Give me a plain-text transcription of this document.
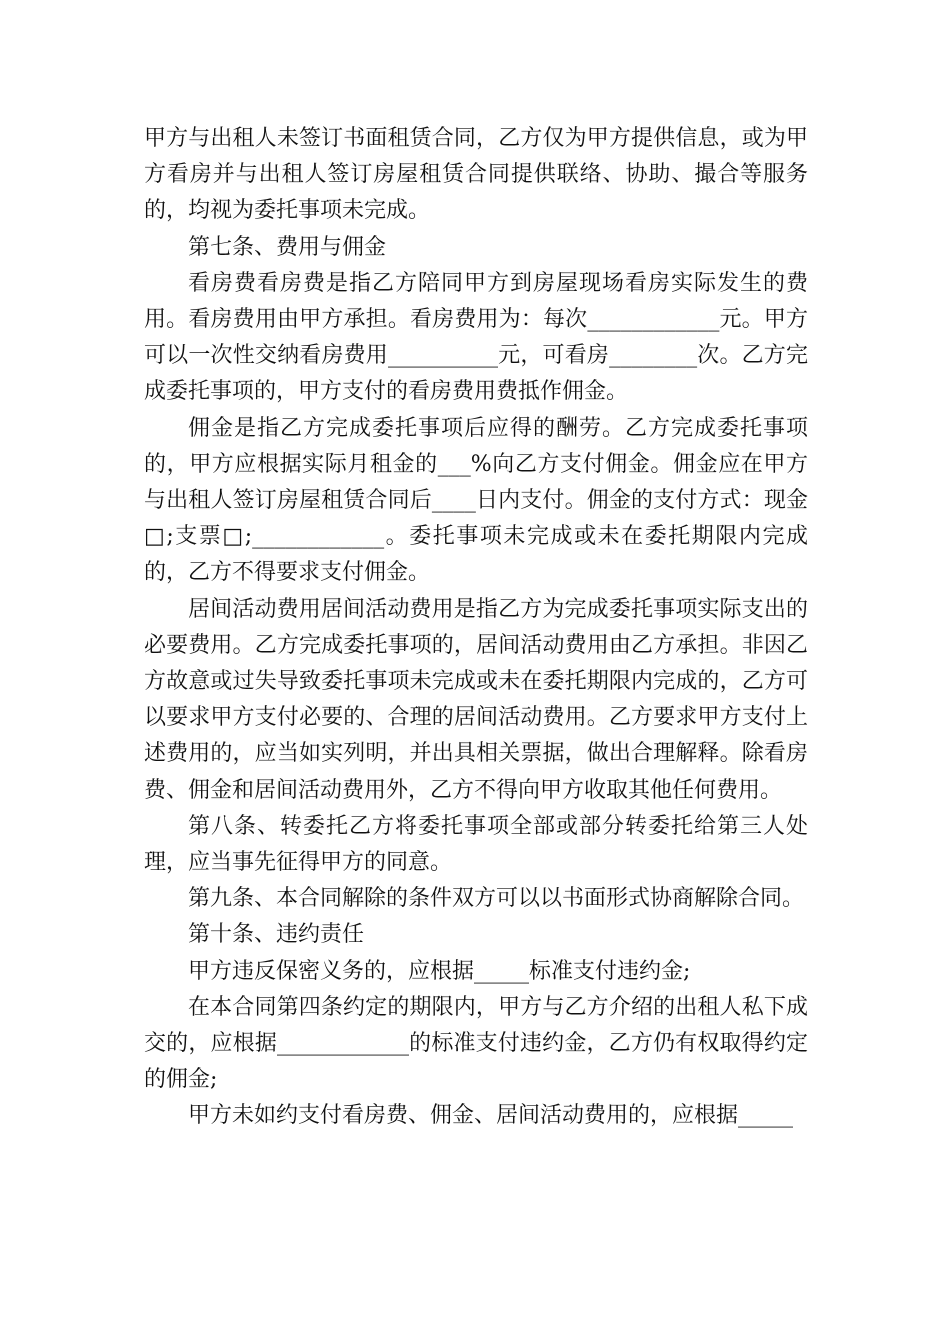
甲方与出租人未签订书面租赁合同，乙方仅为甲方提供信息，或为甲方看房并与出租人签订房屋租赁合同提供联络、协助、撮合等服务的，均视为委托事项未完成。

第七条、费用与佣金

看房费看房费是指乙方陪同甲方到房屋现场看房实际发生的费用。看房费用由甲方承担。看房费用为：每次____________元。甲方可以一次性交纳看房费用__________元，可看房________次。乙方完成委托事项的，甲方支付的看房费用费抵作佣金。

佣金是指乙方完成委托事项后应得的酬劳。乙方完成委托事项的，甲方应根据实际月租金的___%向乙方支付佣金。佣金应在甲方与出租人签订房屋租赁合同后____日内支付。佣金的支付方式：现金□;支票□;____________。委托事项未完成或未在委托期限内完成的，乙方不得要求支付佣金。

居间活动费用居间活动费用是指乙方为完成委托事项实际支出的必要费用。乙方完成委托事项的，居间活动费用由乙方承担。非因乙方故意或过失导致委托事项未完成或未在委托期限内完成的，乙方可以要求甲方支付必要的、合理的居间活动费用。乙方要求甲方支付上述费用的，应当如实列明，并出具相关票据，做出合理解释。除看房费、佣金和居间活动费用外，乙方不得向甲方收取其他任何费用。

第八条、转委托乙方将委托事项全部或部分转委托给第三人处理，应当事先征得甲方的同意。

第九条、本合同解除的条件双方可以以书面形式协商解除合同。

第十条、违约责任

甲方违反保密义务的，应根据_____标准支付违约金;

在本合同第四条约定的期限内，甲方与乙方介绍的出租人私下成交的，应根据____________的标准支付违约金，乙方仍有权取得约定的佣金;

甲方未如约支付看房费、佣金、居间活动费用的，应根据_____
